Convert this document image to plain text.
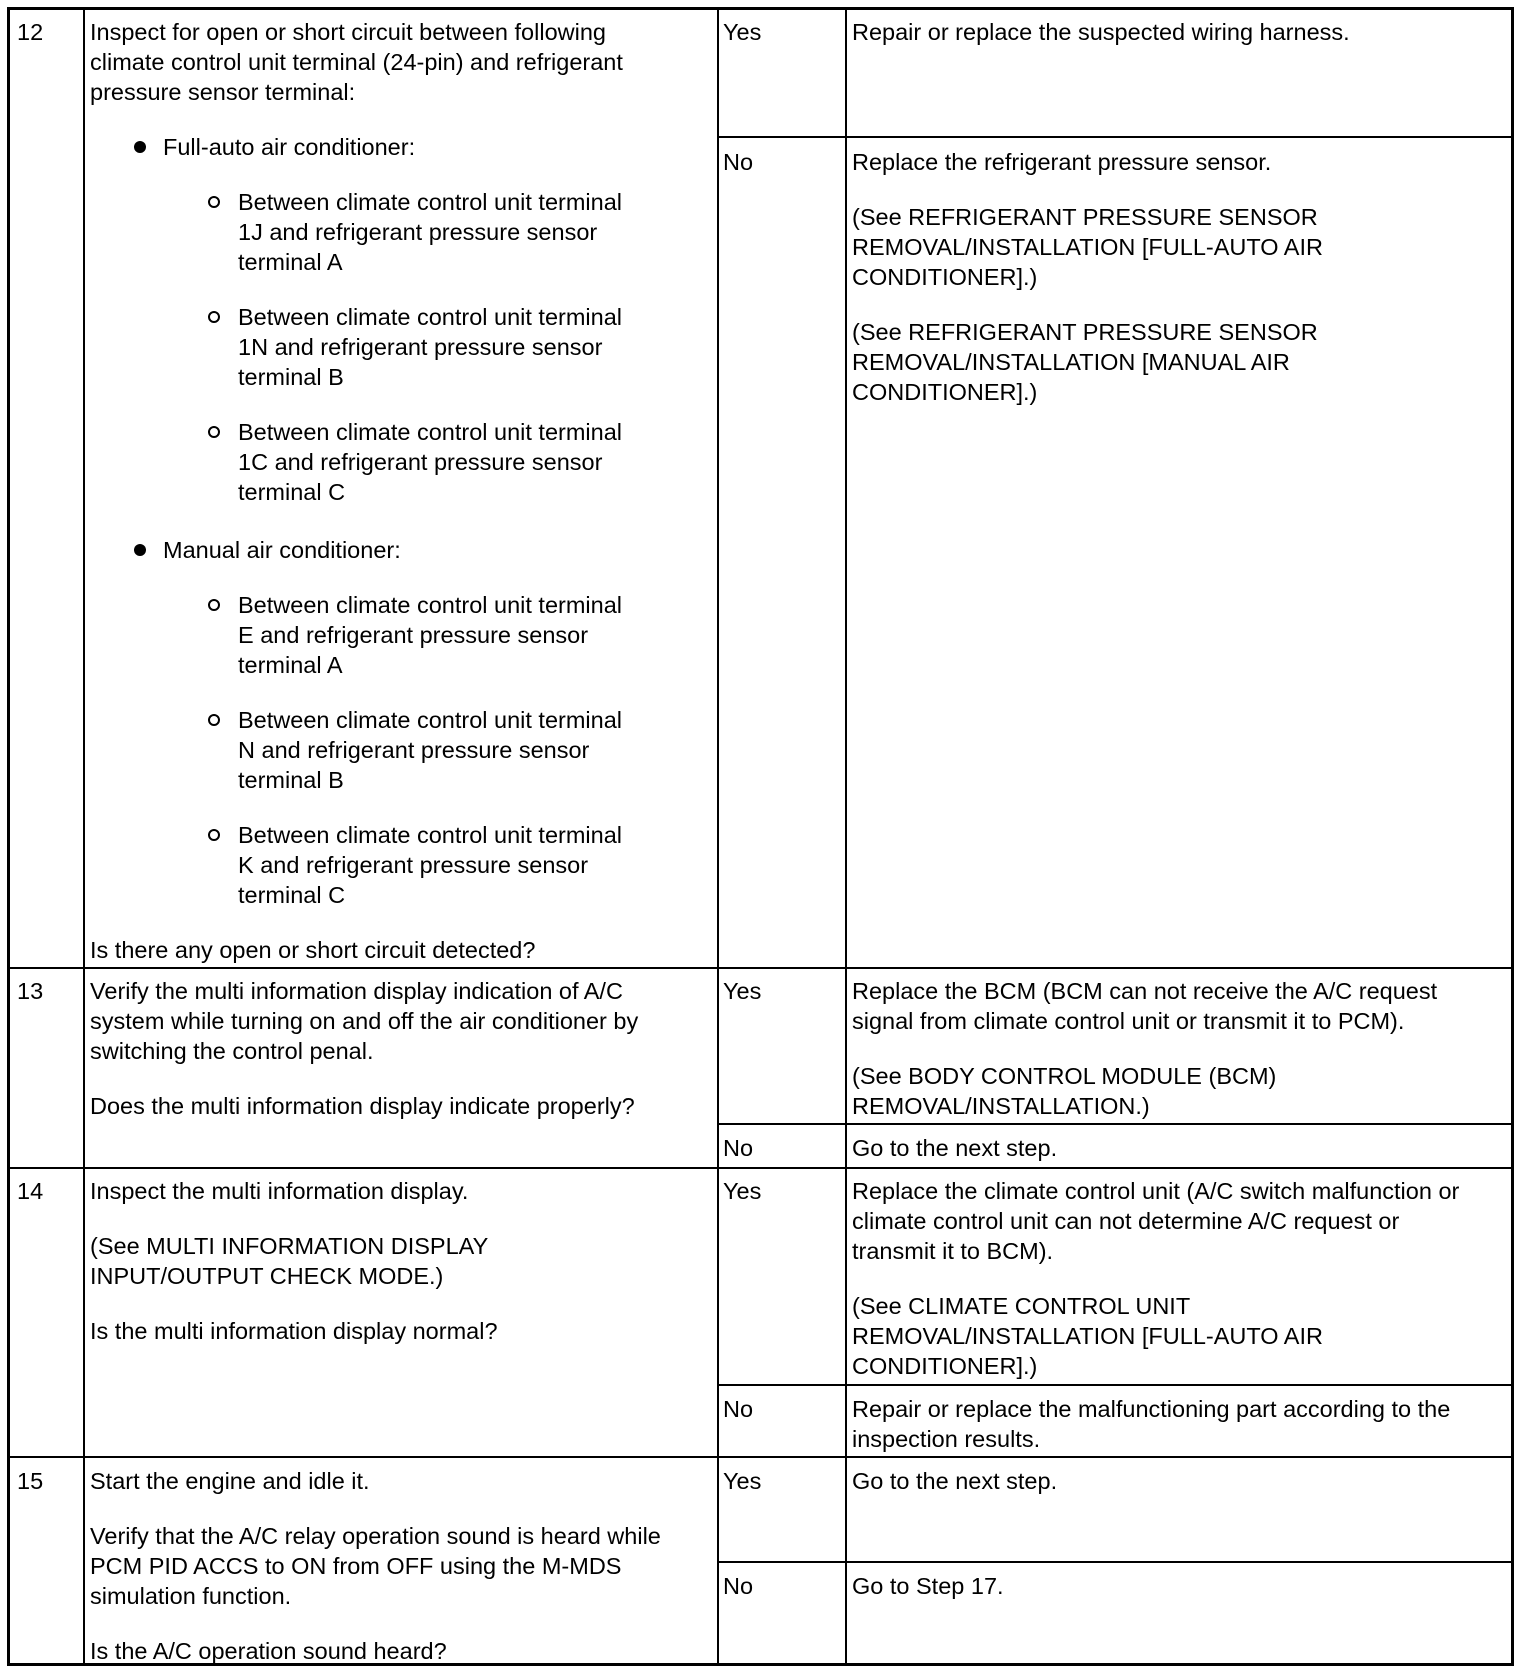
12 Inspect for open or short circuit between following
climate control unit terminal (24-pin) and refrigerant
pressure sensor terminal:
Full-auto air conditioner:
Between climate control unit terminal
1J and refrigerant pressure sensor
terminal A
Between climate control unit terminal
1N and refrigerant pressure sensor
terminal B
Between climate control unit terminal
1C and refrigerant pressure sensor
terminal C
Manual air conditioner:
Between climate control unit terminal
E and refrigerant pressure sensor
terminal A
Between climate control unit terminal
N and refrigerant pressure sensor
terminal B
Between climate control unit terminal
K and refrigerant pressure sensor
terminal C
Is there any open or short circuit detected?
Yes	Repair or replace the suspected wiring harness.
No	Replace the refrigerant pressure sensor.
(See REFRIGERANT PRESSURE SENSOR
REMOVAL/INSTALLATION [FULL-AUTO AIR
CONDITIONER].)
(See REFRIGERANT PRESSURE SENSOR
REMOVAL/INSTALLATION [MANUAL AIR
CONDITIONER].)
13 Verify the multi information display indication of A/C
system while turning on and off the air conditioner by
switching the control penal.
Does the multi information display indicate properly?
Yes	Replace the BCM (BCM can not receive the A/C request
signal from climate control unit or transmit it to PCM).
(See BODY CONTROL MODULE (BCM)
REMOVAL/INSTALLATION.)
No	Go to the next step.
14 Inspect the multi information display.
(See MULTI INFORMATION DISPLAY
INPUT/OUTPUT CHECK MODE.)
Is the multi information display normal?
Yes	Replace the climate control unit (A/C switch malfunction or
climate control unit can not determine A/C request or
transmit it to BCM).
(See CLIMATE CONTROL UNIT
REMOVAL/INSTALLATION [FULL-AUTO AIR
CONDITIONER].)
No	Repair or replace the malfunctioning part according to the
inspection results.
15 Start the engine and idle it.
Verify that the A/C relay operation sound is heard while
PCM PID ACCS to ON from OFF using the M-MDS
simulation function.
Is the A/C operation sound heard?
Yes	Go to the next step.
No	Go to Step 17.
